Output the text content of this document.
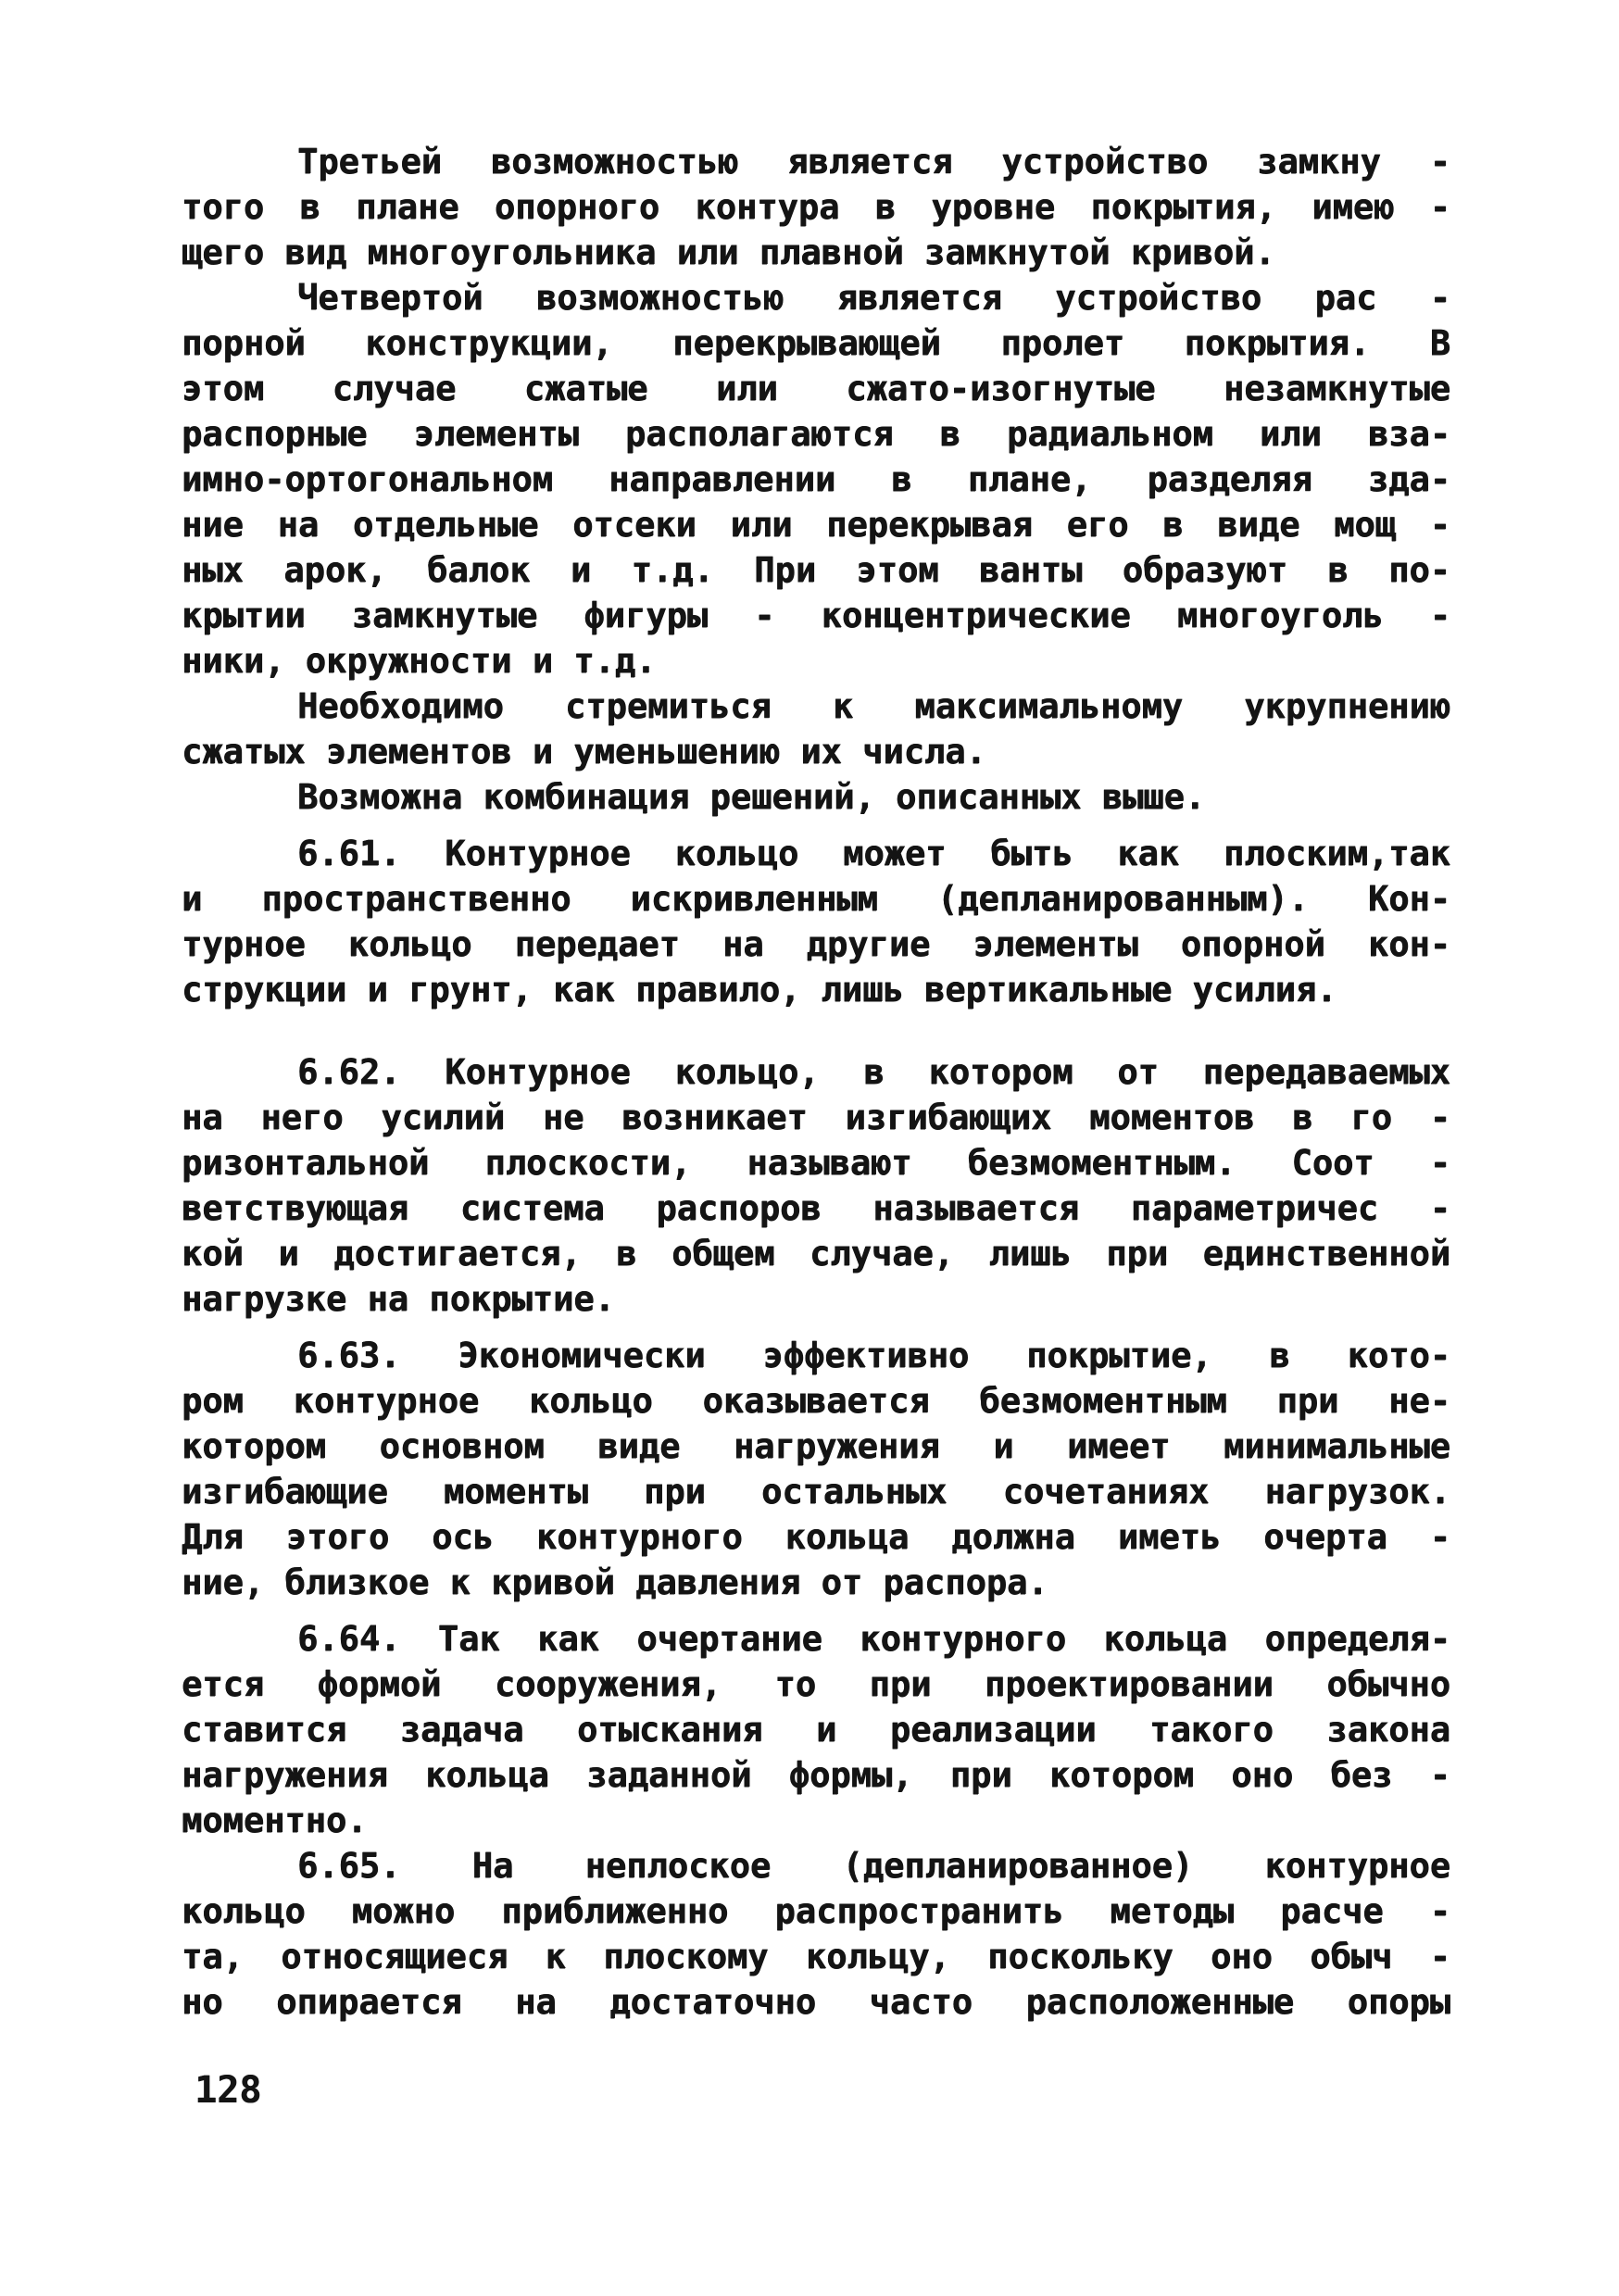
Третьей возможностью является устройство замкну -
того в плане опорного контура в уровне покрытия, имею -
щего вид многоугольника или плавной замкнутой кривой.
Четвертой возможностью является устройство рас -
порной конструкции, перекрывающей пролет покрытия. В
этом случае сжатые или сжато-изогнутые незамкнутые
распорные элементы располагаются в радиальном или вза-
имно-ортогональном направлении в плане, разделяя зда-
ние на отдельные отсеки или перекрывая его в виде мощ -
ных арок, балок и т.д. При этом ванты образуют в по-
крытии замкнутые фигуры - концентрические многоуголь -
ники, окружности и т.д.
Необходимо стремиться к максимальному укрупнению
сжатых элементов и уменьшению их числа.
Возможна комбинация решений, описанных выше.
6.61. Контурное кольцо может быть как плоским,так
и пространственно искривленным (депланированным). Кон-
турное кольцо передает на другие элементы опорной кон-
струкции и грунт, как правило, лишь вертикальные усилия.
6.62. Контурное кольцо, в котором от передаваемых
на него усилий не возникает изгибающих моментов в го -
ризонтальной плоскости, называют безмоментным. Соот -
ветствующая система распоров называется параметричес -
кой и достигается, в общем случае, лишь при единственной
нагрузке на покрытие.
6.63. Экономически эффективно покрытие, в кото-
ром контурное кольцо оказывается безмоментным при не-
котором основном виде нагружения и имеет минимальные
изгибающие моменты при остальных сочетаниях нагрузок.
Для этого ось контурного кольца должна иметь очерта -
ние, близкое к кривой давления от распора.
6.64. Так как очертание контурного кольца определя-
ется формой сооружения, то при проектировании обычно
ставится задача отыскания и реализации такого закона
нагружения кольца заданной формы, при котором оно без -
моментно.
6.65. На неплоское (депланированное) контурное
кольцо можно приближенно распространить методы расче -
та, относящиеся к плоскому кольцу, поскольку оно обыч -
но опирается на достаточно часто расположенные опоры
128
